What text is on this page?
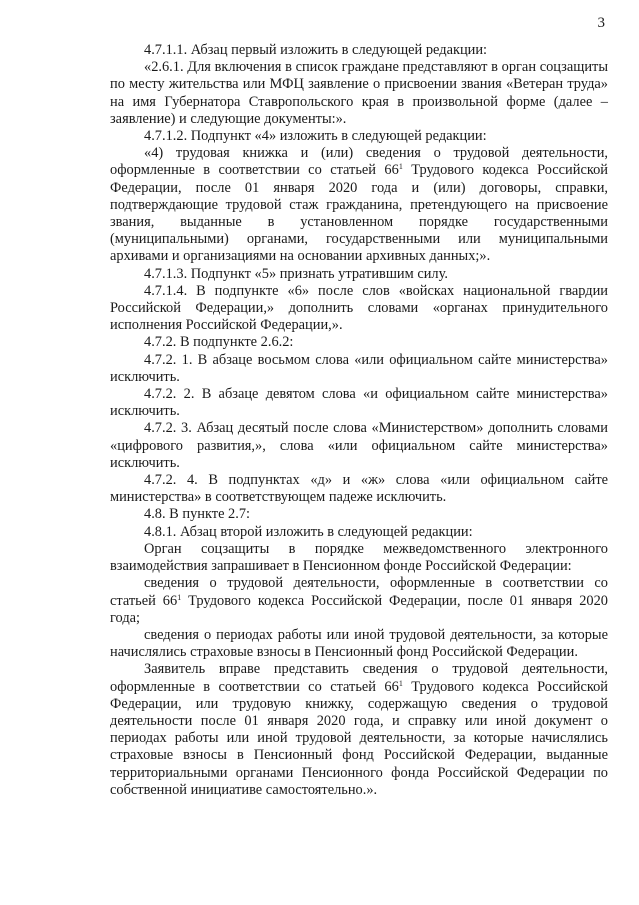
3

4.7.1.1. Абзац первый изложить в следующей редакции:

«2.6.1. Для включения в список граждане представляют в орган соцзащиты по месту жительства или МФЦ заявление о присвоении звания «Ветеран труда» на имя Губернатора Ставропольского края в произвольной форме (далее – заявление) и следующие документы:».

4.7.1.2. Подпункт «4» изложить в следующей редакции:

«4) трудовая книжка и (или) сведения о трудовой деятельности, оформленные в соответствии со статьей $66^1$ Трудового кодекса Российской Федерации, после 01 января 2020 года и (или) договоры, справки, подтверждающие трудовой стаж гражданина, претендующего на присвоение звания, выданные в установленном порядке государственными (муниципальными) органами, государственными или муниципальными архивами и организациями на основании архивных данных;».

4.7.1.3. Подпункт «5» признать утратившим силу.

4.7.1.4. В подпункте «6» после слов «войсках национальной гвардии Российской Федерации,» дополнить словами «органах принудительного исполнения Российской Федерации,».

4.7.2. В подпункте 2.6.2:

4.7.2. 1. В абзаце восьмом слова «или официальном сайте министерства» исключить.

4.7.2. 2. В абзаце девятом слова «и официальном сайте министерства» исключить.

4.7.2. 3. Абзац десятый после слова «Министерством» дополнить словами «цифрового развития,», слова «или официальном сайте министерства» исключить.

4.7.2. 4. В подпунктах «д» и «ж» слова «или официальном сайте министерства» в соответствующем падеже исключить.

4.8. В пункте 2.7:

4.8.1. Абзац второй изложить в следующей редакции:

Орган соцзащиты в порядке межведомственного электронного взаимодействия запрашивает в Пенсионном фонде Российской Федерации:

сведения о трудовой деятельности, оформленные в соответствии со статьей $66^1$ Трудового кодекса Российской Федерации, после 01 января 2020 года;

сведения о периодах работы или иной трудовой деятельности, за которые начислялись страховые взносы в Пенсионный фонд Российской Федерации.

Заявитель вправе представить сведения о трудовой деятельности, оформленные в соответствии со статьей $66^1$ Трудового кодекса Российской Федерации, или трудовую книжку, содержащую сведения о трудовой деятельности после 01 января 2020 года, и справку или иной документ о периодах работы или иной трудовой деятельности, за которые начислялись страховые взносы в Пенсионный фонд Российской Федерации, выданные территориальными органами Пенсионного фонда Российской Федерации по собственной инициативе самостоятельно.».
